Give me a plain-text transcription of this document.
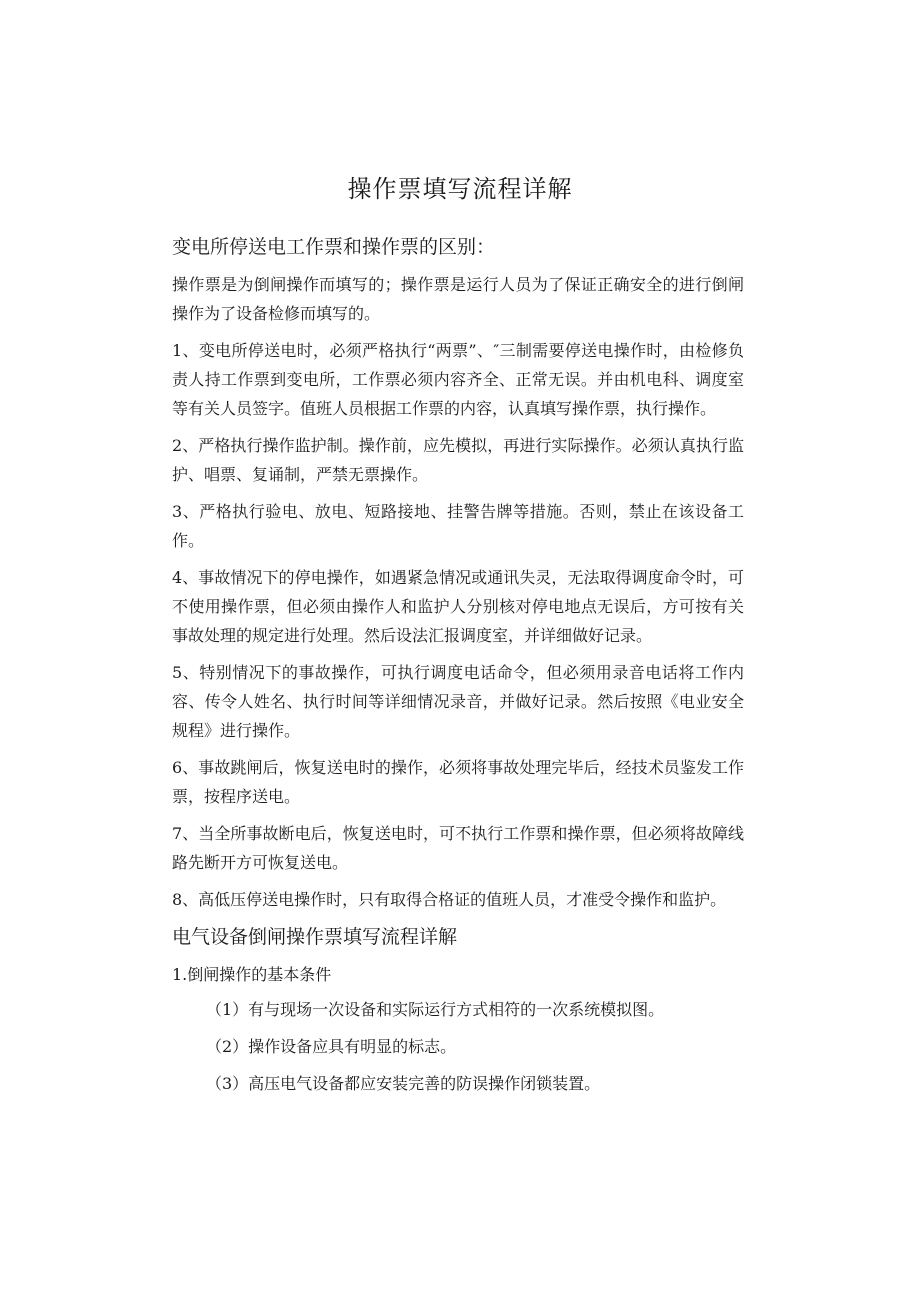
操作票填写流程详解
变电所停送电工作票和操作票的区别：
操作票是为倒闸操作而填写的；操作票是运行人员为了保证正确安全的进行倒闸操作为了设备检修而填写的。
1、变电所停送电时，必须严格执行“两票”、″三制需要停送电操作时，由检修负责人持工作票到变电所，工作票必须内容齐全、正常无误。并由机电科、调度室等有关人员签字。值班人员根据工作票的内容，认真填写操作票，执行操作。
2、严格执行操作监护制。操作前，应先模拟，再进行实际操作。必须认真执行监护、唱票、复诵制，严禁无票操作。
3、严格执行验电、放电、短路接地、挂警告牌等措施。否则，禁止在该设备工作。
4、事故情况下的停电操作，如遇紧急情况或通讯失灵，无法取得调度命令时，可不使用操作票，但必须由操作人和监护人分别核对停电地点无误后，方可按有关事故处理的规定进行处理。然后设法汇报调度室，并详细做好记录。
5、特别情况下的事故操作，可执行调度电话命令，但必须用录音电话将工作内容、传令人姓名、执行时间等详细情况录音，并做好记录。然后按照《电业安全规程》进行操作。
6、事故跳闸后，恢复送电时的操作，必须将事故处理完毕后，经技术员鉴发工作票，按程序送电。
7、当全所事故断电后，恢复送电时，可不执行工作票和操作票，但必须将故障线路先断开方可恢复送电。
8、高低压停送电操作时，只有取得合格证的值班人员，才准受令操作和监护。
电气设备倒闸操作票填写流程详解
1.倒闸操作的基本条件
（1）有与现场一次设备和实际运行方式相符的一次系统模拟图。
（2）操作设备应具有明显的标志。
（3）高压电气设备都应安装完善的防误操作闭锁装置。
